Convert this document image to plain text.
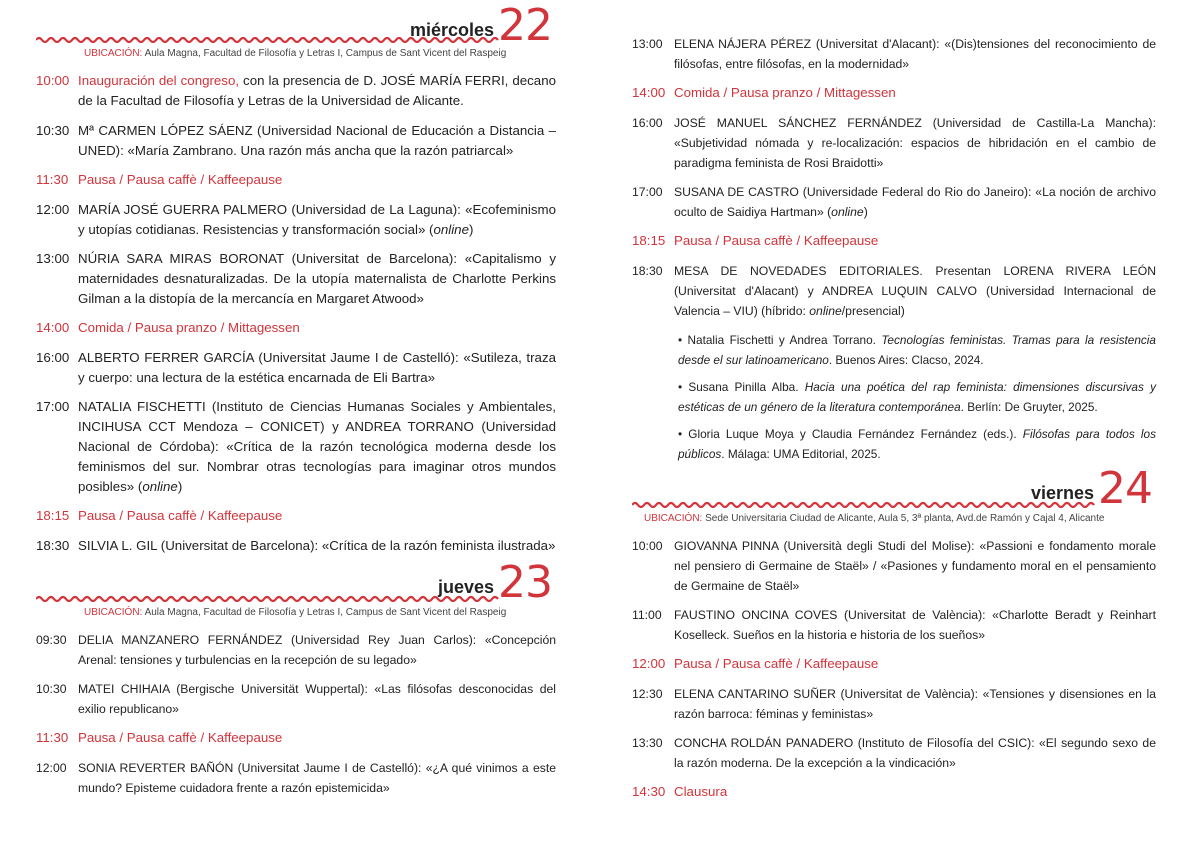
miércoles 22
UBICACIÓN: Aula Magna, Facultad de Filosofía y Letras I, Campus de Sant Vicent del Raspeig
10:00 Inauguración del congreso, con la presencia de D. JOSÉ MARÍA FERRI, decano de la Facultad de Filosofía y Letras de la Universidad de Alicante.
10:30 Mª CARMEN LÓPEZ SÁENZ (Universidad Nacional de Educación a Distancia – UNED): «María Zambrano. Una razón más ancha que la razón patriarcal»
11:30 Pausa / Pausa caffè / Kaffeepause
12:00 MARÍA JOSÉ GUERRA PALMERO (Universidad de La Laguna): «Ecofeminismo y utopías cotidianas. Resistencias y transformación social» (online)
13:00 NÚRIA SARA MIRAS BORONAT (Universitat de Barcelona): «Capitalismo y maternidades desnaturalizadas. De la utopía maternalista de Charlotte Perkins Gilman a la distopía de la mercancía en Margaret Atwood»
14:00 Comida / Pausa pranzo / Mittagessen
16:00 ALBERTO FERRER GARCÍA (Universitat Jaume I de Castelló): «Sutileza, traza y cuerpo: una lectura de la estética encarnada de Eli Bartra»
17:00 NATALIA FISCHETTI (Instituto de Ciencias Humanas Sociales y Ambientales, INCIHUSA CCT Mendoza – CONICET) y ANDREA TORRANO (Universidad Nacional de Córdoba): «Crítica de la razón tecnológica moderna desde los feminismos del sur. Nombrar otras tecnologías para imaginar otros mundos posibles» (online)
18:15 Pausa / Pausa caffè / Kaffeepause
18:30 SILVIA L. GIL (Universitat de Barcelona): «Crítica de la razón feminista ilustrada»
jueves 23
UBICACIÓN: Aula Magna, Facultad de Filosofía y Letras I, Campus de Sant Vicent del Raspeig
09:30 DELIA MANZANERO FERNÁNDEZ (Universidad Rey Juan Carlos): «Concepción Arenal: tensiones y turbulencias en la recepción de su legado»
10:30 MATEI CHIHAIA (Bergische Universität Wuppertal): «Las filósofas desconocidas del exilio republicano»
11:30 Pausa / Pausa caffè / Kaffeepause
12:00 SONIA REVERTER BAÑÓN (Universitat Jaume I de Castelló): «¿A qué vinimos a este mundo? Episteme cuidadora frente a razón epistemicida»
13:00 ELENA NÁJERA PÉREZ (Universitat d'Alacant): «(Dis)tensiones del reconocimiento de filósofas, entre filósofas, en la modernidad»
14:00 Comida / Pausa pranzo / Mittagessen
16:00 JOSÉ MANUEL SÁNCHEZ FERNÁNDEZ (Universidad de Castilla-La Mancha): «Subjetividad nómada y re-localización: espacios de hibridación en el cambio de paradigma feminista de Rosi Braidotti»
17:00 SUSANA DE CASTRO (Universidade Federal do Rio do Janeiro): «La noción de archivo oculto de Saidiya Hartman» (online)
18:15 Pausa / Pausa caffè / Kaffeepause
18:30 MESA DE NOVEDADES EDITORIALES. Presentan LORENA RIVERA LEÓN (Universitat d'Alacant) y ANDREA LUQUIN CALVO (Universidad Internacional de Valencia – VIU) (híbrido: online/presencial)
• Natalia Fischetti y Andrea Torrano. Tecnologías feministas. Tramas para la resistencia desde el sur latinoamericano. Buenos Aires: Clacso, 2024.
• Susana Pinilla Alba. Hacia una poética del rap feminista: dimensiones discursivas y estéticas de un género de la literatura contemporánea. Berlín: De Gruyter, 2025.
• Gloria Luque Moya y Claudia Fernández Fernández (eds.). Filósofas para todos los públicos. Málaga: UMA Editorial, 2025.
viernes 24
UBICACIÓN: Sede Universitaria Ciudad de Alicante, Aula 5, 3ª planta, Avd.de Ramón y Cajal 4, Alicante
10:00 GIOVANNA PINNA (Università degli Studi del Molise): «Passioni e fondamento morale nel pensiero di Germaine de Staël» / «Pasiones y fundamento moral en el pensamiento de Germaine de Staël»
11:00	FAUSTINO ONCINA COVES (Universitat de València): «Charlotte Beradt y Reinhart Koselleck. Sueños en la historia e historia de los sueños»
12:00 Pausa / Pausa caffè / Kaffeepause
12:30 ELENA CANTARINO SUÑER (Universitat de València): «Tensiones y disensiones en la razón barroca: féminas y feministas»
13:30 CONCHA ROLDÁN PANADERO (Instituto de Filosofía del CSIC): «El segundo sexo de la razón moderna. De la excepción a la vindicación»
14:30 Clausura
